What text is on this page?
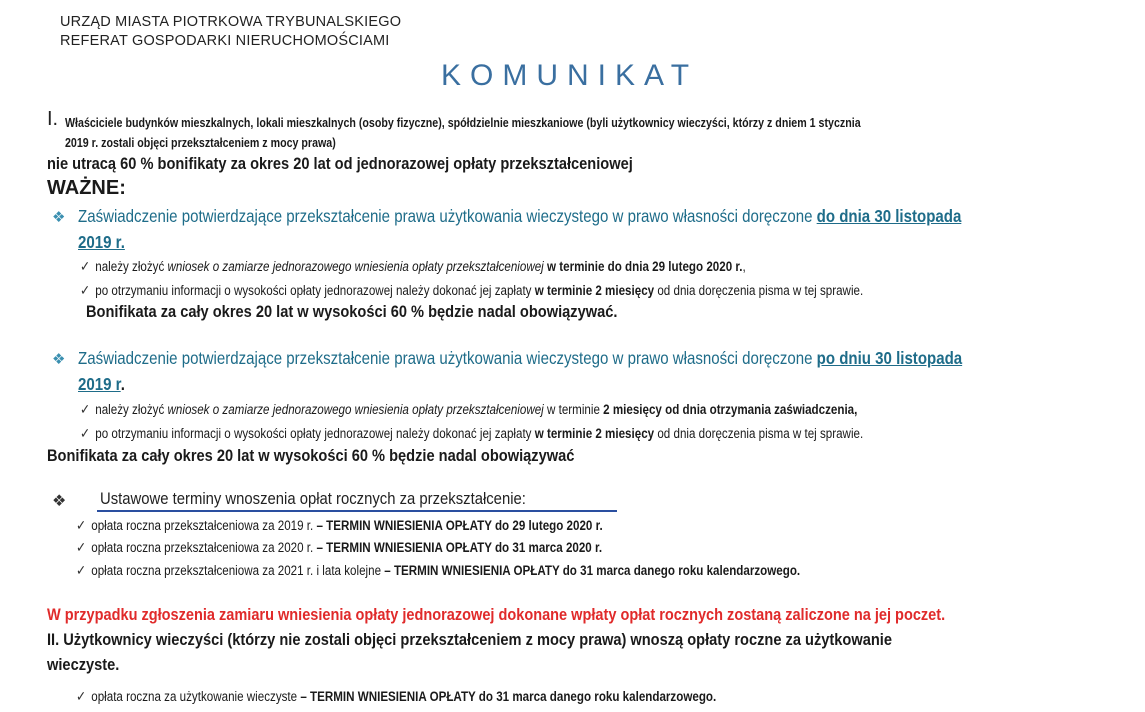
URZĄD MIASTA PIOTRKOWA TRYBUNALSKIEGO
REFERAT GOSPODARKI NIERUCHOMOŚCIAMI
KOMUNIKAT
I. Właściciele budynków mieszkalnych, lokali mieszkalnych (osoby fizyczne), spółdzielnie mieszkaniowe (byli użytkownicy wieczyści, którzy z dniem 1 stycznia
2019 r. zostali objęci przekształceniem z mocy prawa)
nie utracą 60 % bonifikaty za okres 20 lat od jednorazowej opłaty przekształceniowej
WAŻNE:
❖ Zaświadczenie potwierdzające przekształcenie prawa użytkowania wieczystego w prawo własności doręczone do dnia 30 listopada
2019 r.
✓ należy złożyć wniosek o zamiarze jednorazowego wniesienia opłaty przekształceniowej w terminie do dnia 29 lutego 2020 r.,
✓ po otrzymaniu informacji o wysokości opłaty jednorazowej należy dokonać jej zapłaty w terminie 2 miesięcy od dnia doręczenia pisma w tej sprawie.
Bonifikata za cały okres 20 lat w wysokości 60 % będzie nadal obowiązywać.
❖ Zaświadczenie potwierdzające przekształcenie prawa użytkowania wieczystego w prawo własności doręczone po dniu 30 listopada
2019 r.
✓ należy złożyć wniosek o zamiarze jednorazowego wniesienia opłaty przekształceniowej w terminie 2 miesięcy od dnia otrzymania zaświadczenia,
✓ po otrzymaniu informacji o wysokości opłaty jednorazowej należy dokonać jej zapłaty w terminie 2 miesięcy od dnia doręczenia pisma w tej sprawie.
Bonifikata za cały okres 20 lat w wysokości 60 % będzie nadal obowiązywać
❖ Ustawowe terminy wnoszenia opłat rocznych za przekształcenie:
✓ opłata roczna przekształceniowa za 2019 r. – TERMIN WNIESIENIA OPŁATY do 29 lutego 2020 r.
✓ opłata roczna przekształceniowa za 2020 r. – TERMIN WNIESIENIA OPŁATY do 31 marca 2020 r.
✓ opłata roczna przekształceniowa za 2021 r. i lata kolejne – TERMIN WNIESIENIA OPŁATY do 31 marca danego roku kalendarzowego.
W przypadku zgłoszenia zamiaru wniesienia opłaty jednorazowej dokonane wpłaty opłat rocznych zostaną zaliczone na jej poczet.
II. Użytkownicy wieczyści (którzy nie zostali objęci przekształceniem z mocy prawa) wnoszą opłaty roczne za użytkowanie
wieczyste.
✓ opłata roczna za użytkowanie wieczyste – TERMIN WNIESIENIA OPŁATY do 31 marca danego roku kalendarzowego.
